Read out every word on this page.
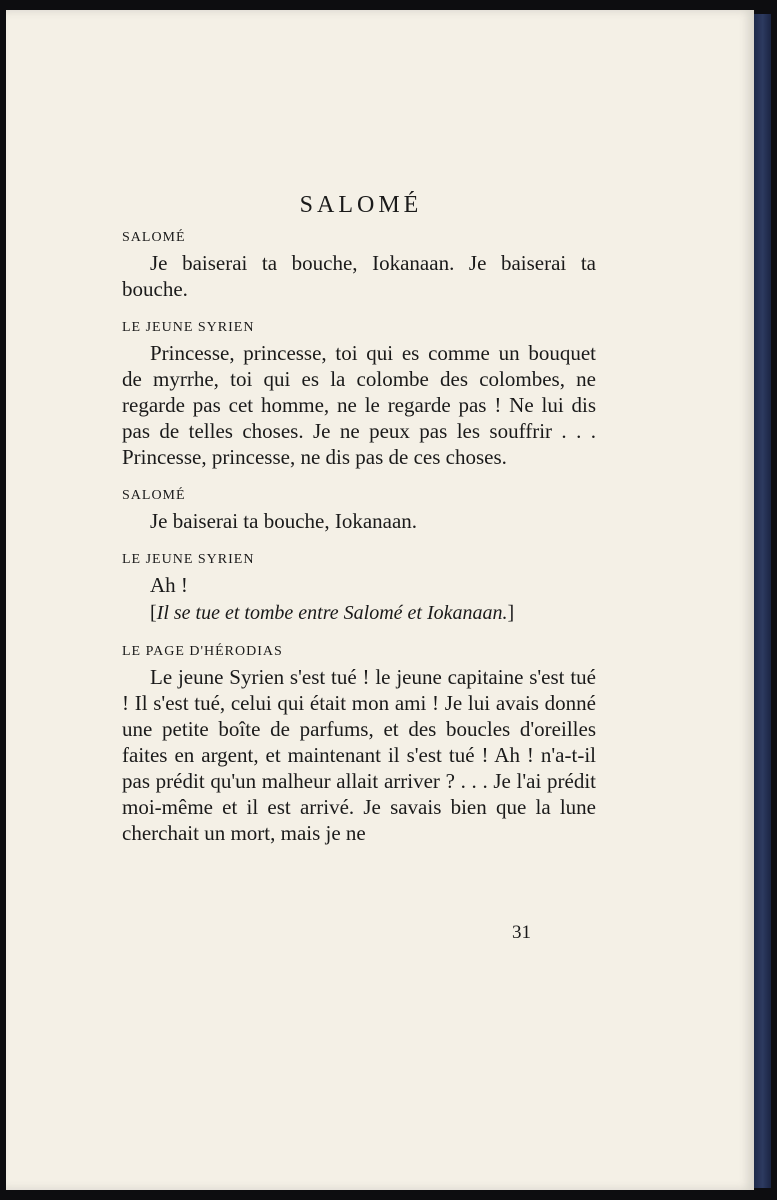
SALOMÉ
SALOMÉ

Je baiserai ta bouche, Iokanaan. Je baiserai ta bouche.

LE JEUNE SYRIEN

Princesse, princesse, toi qui es comme un bouquet de myrrhe, toi qui es la colombe des colombes, ne regarde pas cet homme, ne le regarde pas ! Ne lui dis pas de telles choses. Je ne peux pas les souffrir . . . Princesse, princesse, ne dis pas de ces choses.

SALOMÉ

Je baiserai ta bouche, Iokanaan.

LE JEUNE SYRIEN

Ah !

[Il se tue et tombe entre Salomé et Iokanaan.]
LE PAGE D'HÉRODIAS

Le jeune Syrien s'est tué ! le jeune capitaine s'est tué ! Il s'est tué, celui qui était mon ami ! Je lui avais donné une petite boîte de parfums, et des boucles d'oreilles faites en argent, et maintenant il s'est tué ! Ah ! n'a-t-il pas prédit qu'un malheur allait arriver ? . . . Je l'ai prédit moi-même et il est arrivé. Je savais bien que la lune cherchait un mort, mais je ne

31
